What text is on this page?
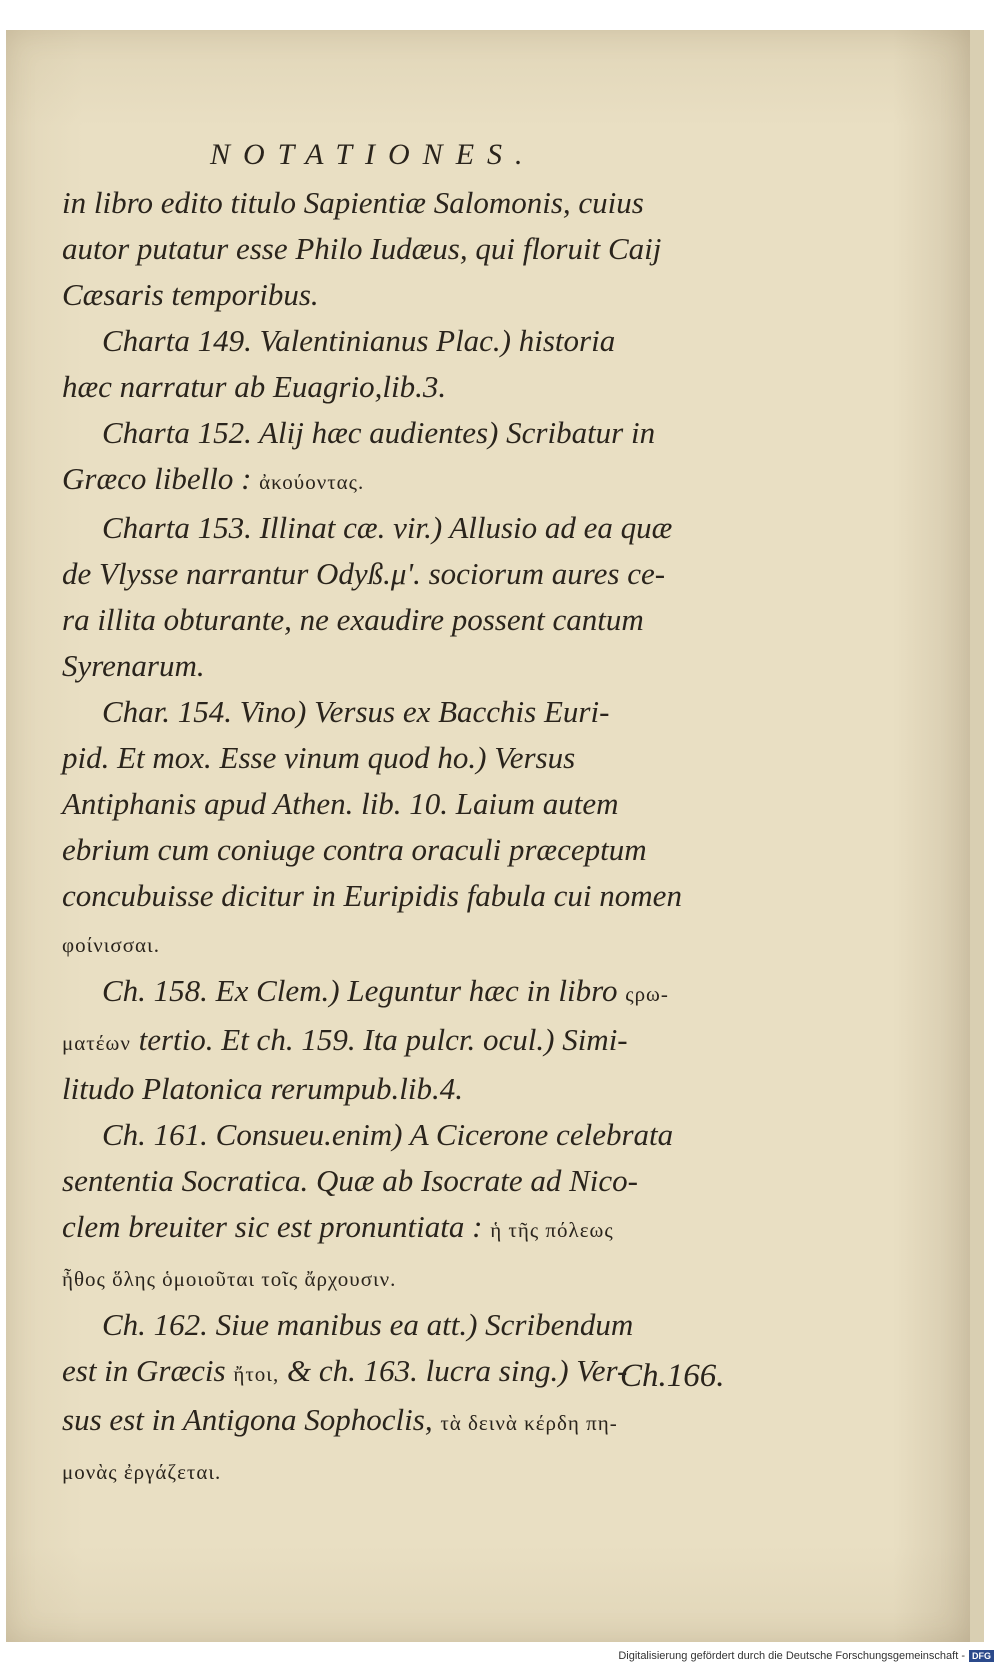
NOTATIONES.
in libro edito titulo Sapientiæ Salomonis, cuius
autor putatur esse Philo Iudæus, qui floruit Caij
Cæsaris temporibus.
Charta 149. Valentinianus Plac.) historia
hæc narratur ab Euagrio,lib.3.
Charta 152. Alij hæc audientes) Scribatur in
Græco libello : ἀκούοντας.
Charta 153. Illinat cæ. vir.) Allusio ad ea quæ
de Vlysse narrantur Odyß.μ'. sociorum aures ce-
ra illita obturante, ne exaudire possent cantum
Syrenarum.
Char. 154. Vino) Versus ex Bacchis Euri-
pid. Et mox. Esse vinum quod ho.) Versus
Antiphanis apud Athen. lib. 10. Laium autem
ebrium cum coniuge contra oraculi præceptum
concubuisse dicitur in Euripidis fabula cui nomen
φοίνισσαι.
Ch. 158. Ex Clem.) Leguntur hæc in libro ςρω-
ματέων tertio. Et ch. 159. Ita pulcr. ocul.) Simi-
litudo Platonica rerumpub.lib.4.
Ch. 161. Consueu.enim) A Cicerone celebrata
sententia Socratica. Quæ ab Isocrate ad Nico-
clem breuiter sic est pronuntiata : ἡ τῆς πόλεως
ἦθος ὅλης ὁμοιοῦται τοῖς ἄρχουσιν.
Ch. 162. Siue manibus ea att.) Scribendum
est in Græcis ἤτοι, & ch. 163. lucra sing.) Ver-
sus est in Antigona Sophoclis, τὰ δεινὰ κέρδη πη-
μονὰς ἐργάζεται.
Ch.166.
Digitalisierung gefördert durch die Deutsche Forschungsgemeinschaft - DFG
